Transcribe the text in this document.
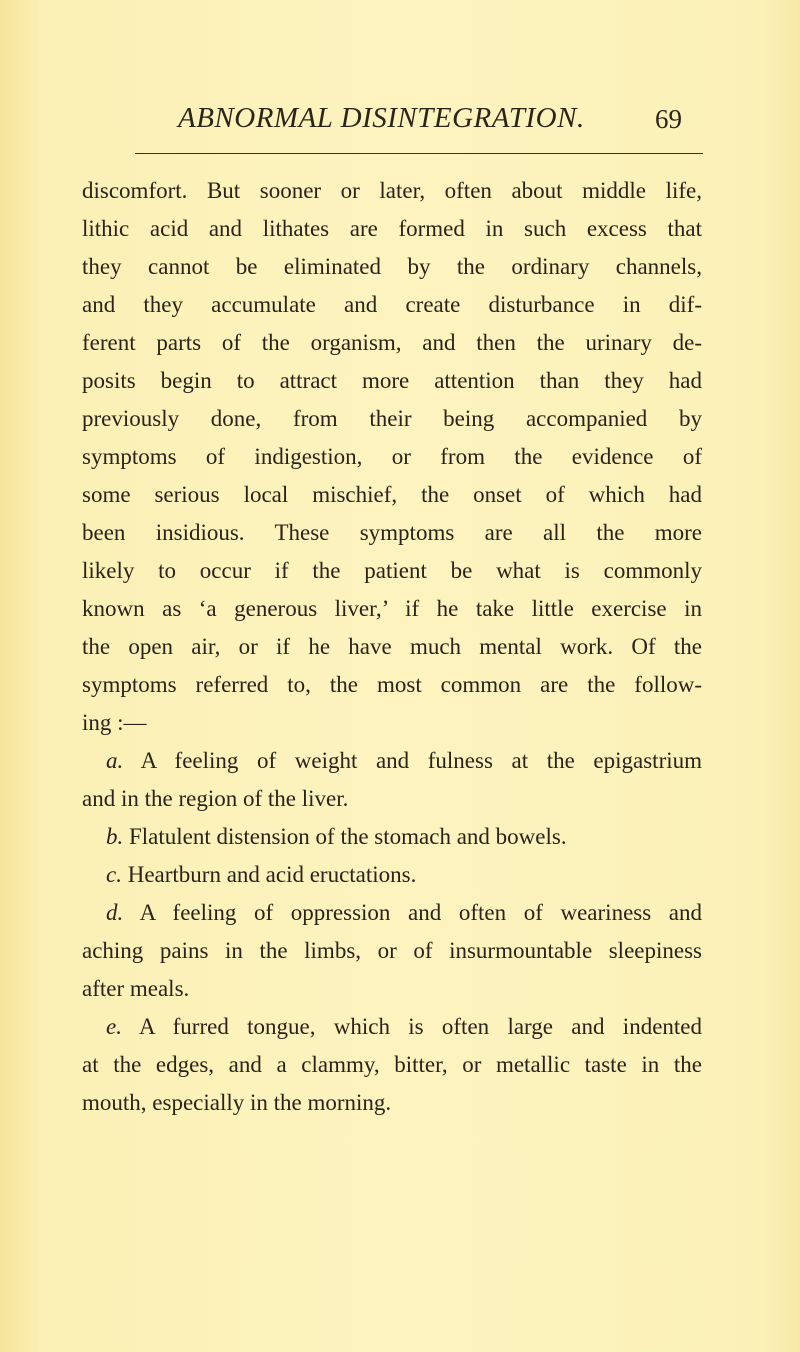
ABNORMAL DISINTEGRATION.	69
discomfort. But sooner or later, often about middle life,
lithic acid and lithates are formed in such excess that
they cannot be eliminated by the ordinary channels,
and they accumulate and create disturbance in dif-
ferent parts of the organism, and then the urinary de-
posits begin to attract more attention than they had
previously done, from their being accompanied by
symptoms of indigestion, or from the evidence of
some serious local mischief, the onset of which had
been insidious. These symptoms are all the more
likely to occur if the patient be what is commonly
known as ‘a generous liver,’ if he take little exercise in
the open air, or if he have much mental work. Of the
symptoms referred to, the most common are the follow-
ing :—
a. A feeling of weight and fulness at the epigastrium
and in the region of the liver.
b. Flatulent distension of the stomach and bowels.
c. Heartburn and acid eructations.
d. A feeling of oppression and often of weariness and
aching pains in the limbs, or of insurmountable sleepiness
after meals.
e. A furred tongue, which is often large and indented
at the edges, and a clammy, bitter, or metallic taste in the
mouth, especially in the morning.
